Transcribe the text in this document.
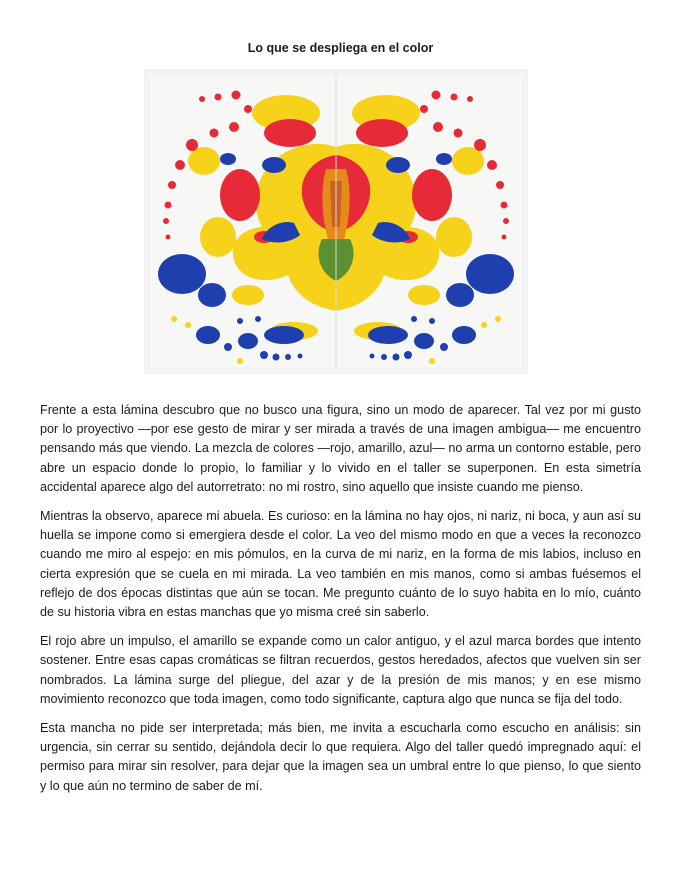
Lo que se despliega en el color

Frente a esta lámina descubro que no busco una figura, sino un modo de aparecer. Tal vez por mi gusto por lo proyectivo —por ese gesto de mirar y ser mirada a través de una imagen ambigua— me encuentro pensando más que viendo. La mezcla de colores —rojo, amarillo, azul— no arma un contorno estable, pero abre un espacio donde lo propio, lo familiar y lo vivido en el taller se superponen. En esta simetría accidental aparece algo del autorretrato: no mi rostro, sino aquello que insiste cuando me pienso.

Mientras la observo, aparece mi abuela. Es curioso: en la lámina no hay ojos, ni nariz, ni boca, y aun así su huella se impone como si emergiera desde el color. La veo del mismo modo en que a veces la reconozco cuando me miro al espejo: en mis pómulos, en la curva de mi nariz, en la forma de mis labios, incluso en cierta expresión que se cuela en mi mirada. La veo también en mis manos, como si ambas fuésemos el reflejo de dos épocas distintas que aún se tocan. Me pregunto cuánto de lo suyo habita en lo mío, cuánto de su historia vibra en estas manchas que yo misma creé sin saberlo.

El rojo abre un impulso, el amarillo se expande como un calor antiguo, y el azul marca bordes que intento sostener. Entre esas capas cromáticas se filtran recuerdos, gestos heredados, afectos que vuelven sin ser nombrados. La lámina surge del pliegue, del azar y de la presión de mis manos; y en ese mismo movimiento reconozco que toda imagen, como todo significante, captura algo que nunca se fija del todo.

Esta mancha no pide ser interpretada; más bien, me invita a escucharla como escucho en análisis: sin urgencia, sin cerrar su sentido, dejándola decir lo que requiera. Algo del taller quedó impregnado aquí: el permiso para mirar sin resolver, para dejar que la imagen sea un umbral entre lo que pienso, lo que siento y lo que aún no termino de saber de mí.
